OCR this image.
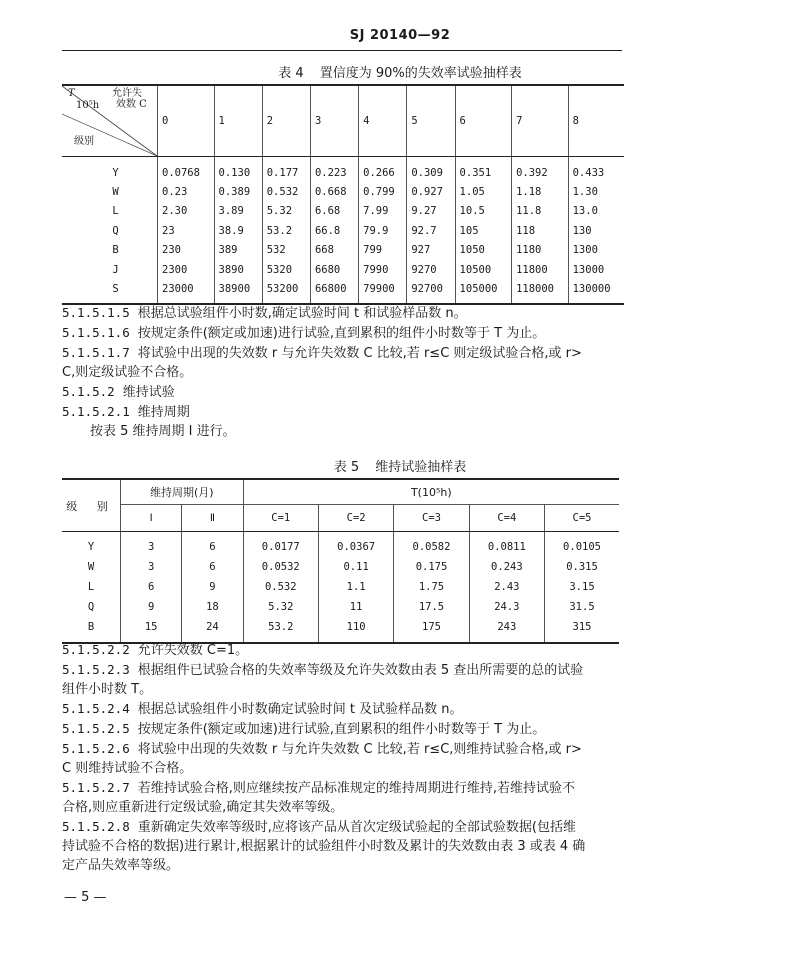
SJ 20140—92
表 4 置信度为 90%的失效率试验抽样表
T
10⁵h
允许失
效数 C
级别	0	1	2	3	4	5	6	7	8
Y	0.0768	0.130	0.177	0.223	0.266	0.309	0.351	0.392	0.433
W	0.23	0.389	0.532	0.668	0.799	0.927	1.05	1.18	1.30
L	2.30	3.89	5.32	6.68	7.99	9.27	10.5	11.8	13.0
Q	23	38.9	53.2	66.8	79.9	92.7	105	118	130
B	230	389	532	668	799	927	1050	1180	1300
J	2300	3890	5320	6680	7990	9270	10500	11800	13000
S	23000	38900	53200	66800	79900	92700	105000	118000	130000
5.1.5.1.5 根据总试验组件小时数,确定试验时间 t 和试验样品数 n。
5.1.5.1.6 按规定条件(额定或加速)进行试验,直到累积的组件小时数等于 T 为止。
5.1.5.1.7 将试验中出现的失效数 r 与允许失效数 C 比较,若 r≤C 则定级试验合格,或 r>
C,则定级试验不合格。
5.1.5.2 维持试验
5.1.5.2.1 维持周期
按表 5 维持周期 Ⅰ 进行。
表 5 维持试验抽样表
级 别	维持周期(月)		T(10⁵h)				
	Ⅰ	Ⅱ	C=1	C=2	C=3	C=4	C=5
Y	3	6	0.0177	0.0367	0.0582	0.0811	0.0105
W	3	6	0.0532	0.11	0.175	0.243	0.315
L	6	9	0.532	1.1	1.75	2.43	3.15
Q	9	18	5.32	11	17.5	24.3	31.5
B	15	24	53.2	110	175	243	315
5.1.5.2.2 允许失效数 C=1。
5.1.5.2.3 根据组件已试验合格的失效率等级及允许失效数由表 5 查出所需要的总的试验
组件小时数 T。
5.1.5.2.4 根据总试验组件小时数确定试验时间 t 及试验样品数 n。
5.1.5.2.5 按规定条件(额定或加速)进行试验,直到累积的组件小时数等于 T 为止。
5.1.5.2.6 将试验中出现的失效数 r 与允许失效数 C 比较,若 r≤C,则维持试验合格,或 r>
C 则维持试验不合格。
5.1.5.2.7 若维持试验合格,则应继续按产品标准规定的维持周期进行维持,若维持试验不
合格,则应重新进行定级试验,确定其失效率等级。
5.1.5.2.8 重新确定失效率等级时,应将该产品从首次定级试验起的全部试验数据(包括维
持试验不合格的数据)进行累计,根据累计的试验组件小时数及累计的失效数由表 3 或表 4 确
定产品失效率等级。
— 5 —
